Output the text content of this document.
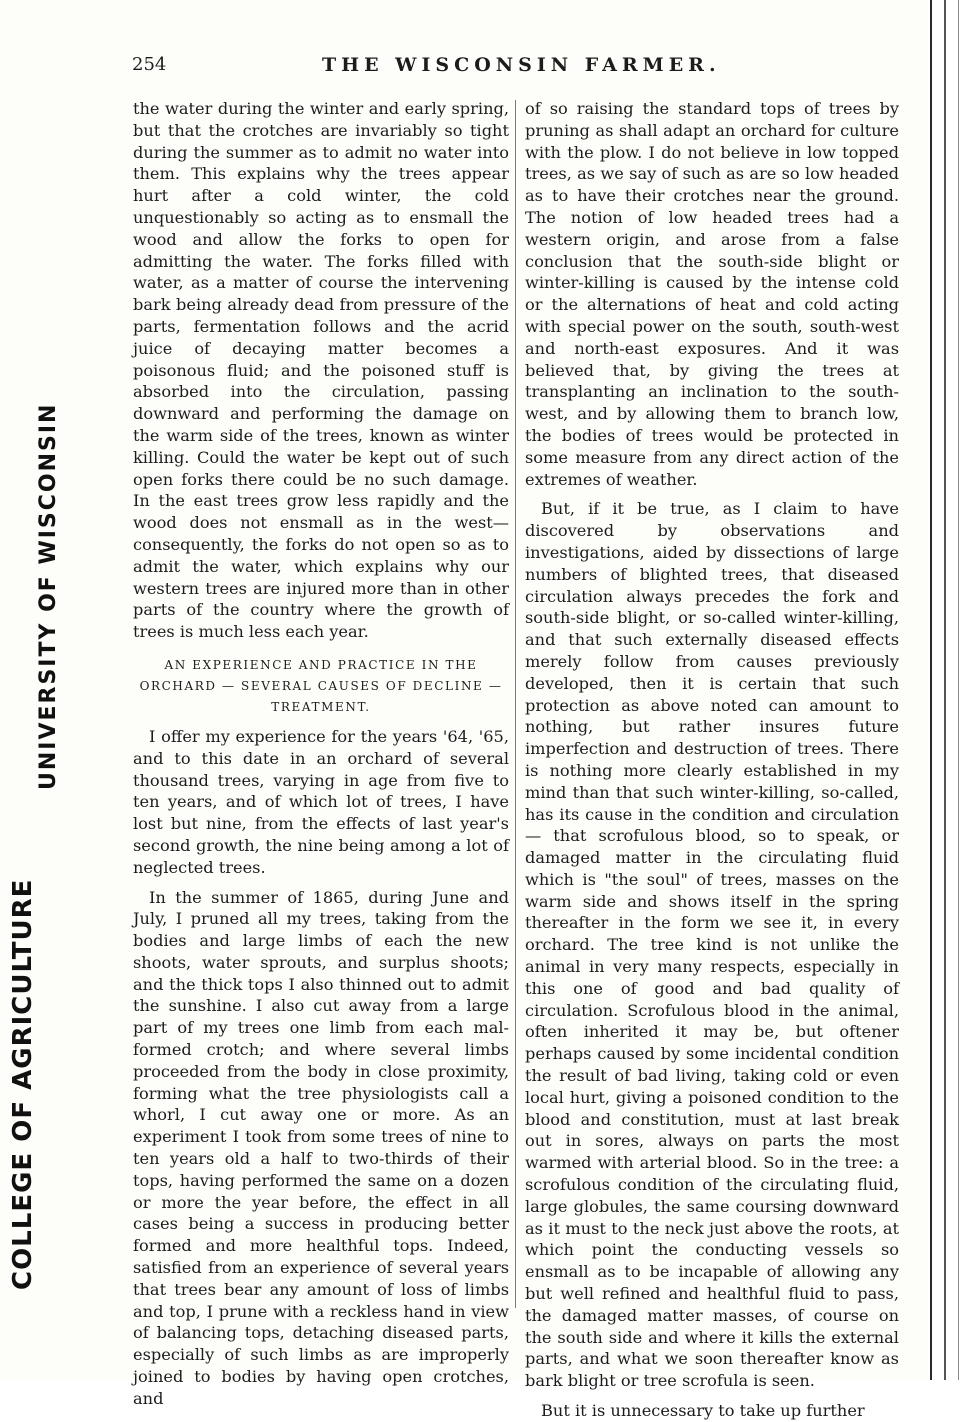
COLLEGE OF AGRICULTURE
UNIVERSITY OF WISCONSIN
254	THE WISCONSIN FARMER.

the water during the winter and early spring, but that the crotches are invariably so tight during the summer as to admit no water into them. This explains why the trees appear hurt after a cold winter, the cold unquestionably so acting as to ensmall the wood and allow the forks to open for admitting the water. The forks filled with water, as a matter of course the intervening bark being already dead from pressure of the parts, fermentation follows and the acrid juice of decaying matter becomes a poisonous fluid; and the poisoned stuff is absorbed into the circulation, passing downward and performing the damage on the warm side of the trees, known as winter killing. Could the water be kept out of such open forks there could be no such damage. In the east trees grow less rapidly and the wood does not ensmall as in the west—consequently, the forks do not open so as to admit the water, which explains why our western trees are injured more than in other parts of the country where the growth of trees is much less each year.

AN EXPERIENCE AND PRACTICE IN THE ORCHARD — SEVERAL CAUSES OF DECLINE — TREATMENT.

I offer my experience for the years '64, '65, and to this date in an orchard of several thousand trees, varying in age from five to ten years, and of which lot of trees, I have lost but nine, from the effects of last year's second growth, the nine being among a lot of neglected trees.

In the summer of 1865, during June and July, I pruned all my trees, taking from the bodies and large limbs of each the new shoots, water sprouts, and surplus shoots; and the thick tops I also thinned out to admit the sunshine. I also cut away from a large part of my trees one limb from each mal-formed crotch; and where several limbs proceeded from the body in close proximity, forming what the tree physiologists call a whorl, I cut away one or more. As an experiment I took from some trees of nine to ten years old a half to two-thirds of their tops, having performed the same on a dozen or more the year before, the effect in all cases being a success in producing better formed and more healthful tops. Indeed, satisfied from an experience of several years that trees bear any amount of loss of limbs and top, I prune with a reckless hand in view of balancing tops, detaching diseased parts, especially of such limbs as are improperly joined to bodies by having open crotches, and

of so raising the standard tops of trees by pruning as shall adapt an orchard for culture with the plow. I do not believe in low topped trees, as we say of such as are so low headed as to have their crotches near the ground. The notion of low headed trees had a western origin, and arose from a false conclusion that the south-side blight or winter-killing is caused by the intense cold or the alternations of heat and cold acting with special power on the south, south-west and north-east exposures. And it was believed that, by giving the trees at transplanting an inclination to the south-west, and by allowing them to branch low, the bodies of trees would be protected in some measure from any direct action of the extremes of weather.

But, if it be true, as I claim to have discovered by observations and investigations, aided by dissections of large numbers of blighted trees, that diseased circulation always precedes the fork and south-side blight, or so-called winter-killing, and that such externally diseased effects merely follow from causes previously developed, then it is certain that such protection as above noted can amount to nothing, but rather insures future imperfection and destruction of trees. There is nothing more clearly established in my mind than that such winter-killing, so-called, has its cause in the condition and circulation — that scrofulous blood, so to speak, or damaged matter in the circulating fluid which is "the soul" of trees, masses on the warm side and shows itself in the spring thereafter in the form we see it, in every orchard. The tree kind is not unlike the animal in very many respects, especially in this one of good and bad quality of circulation. Scrofulous blood in the animal, often inherited it may be, but oftener perhaps caused by some incidental condition the result of bad living, taking cold or even local hurt, giving a poisoned condition to the blood and constitution, must at last break out in sores, always on parts the most warmed with arterial blood. So in the tree: a scrofulous condition of the circulating fluid, large globules, the same coursing downward as it must to the neck just above the roots, at which point the conducting vessels so ensmall as to be incapable of allowing any but well refined and healthful fluid to pass, the damaged matter masses, of course on the south side and where it kills the external parts, and what we soon thereafter know as bark blight or tree scrofula is seen.

But it is unnecessary to take up further
